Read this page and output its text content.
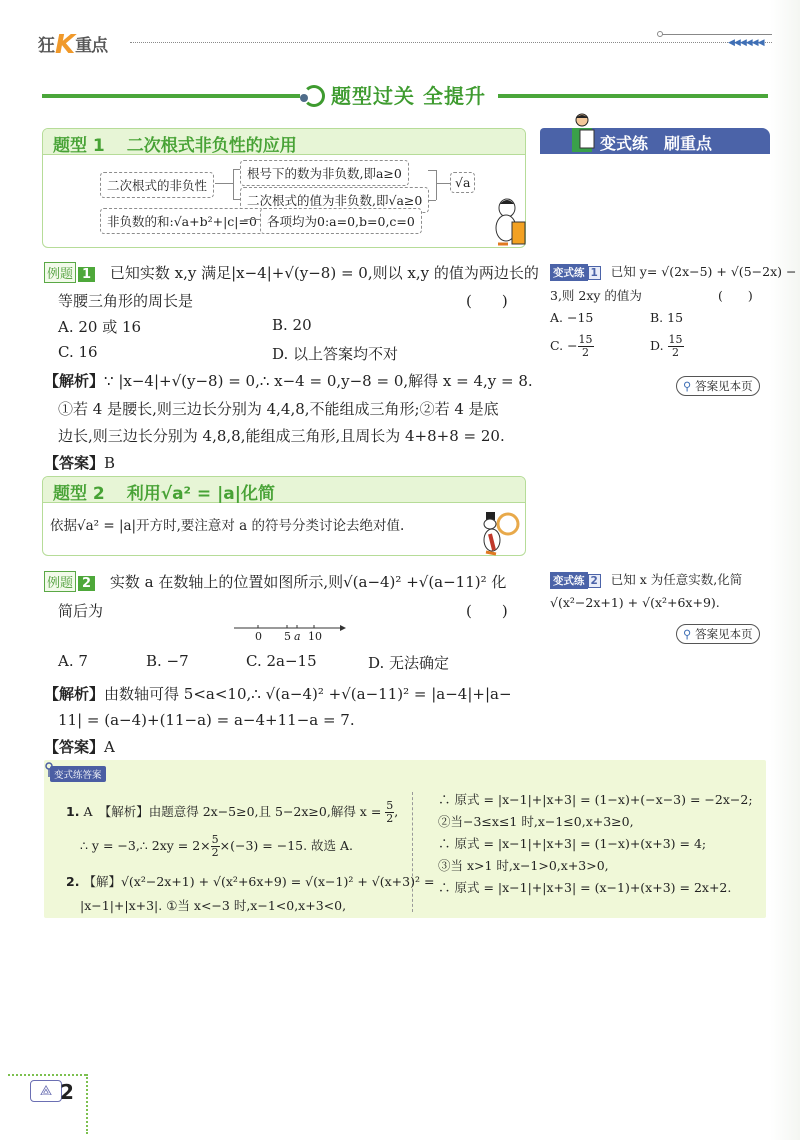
狂K重点	◀◀◀◀◀◀
题型过关 全提升
题型 1 二次根式非负性的应用
二次根式的非负性
根号下的数为非负数,即a≥0
二次根式的值为非负数,即√a≥0
√a
非负数的和:√a+b²+|c|=0 各项均为0:a=0,b=0,c=0
例题 1 已知实数 x,y 满足|x−4|+√(y−8) = 0,则以 x,y 的值为两边长的
等腰三角形的周长是	(　　)
A. 20 或 16	B. 20
C. 16	D. 以上答案均不对
【解析】∵ |x−4|+√(y−8) = 0,∴ x−4 = 0,y−8 = 0,解得 x = 4,y = 8.
①若 4 是腰长,则三边长分别为 4,4,8,不能组成三角形;②若 4 是底
边长,则三边长分别为 4,8,8,能组成三角形,且周长为 4+8+8 = 20.
【答案】B
题型 2 利用√a² = |a|化简
依据√a² = |a|开方时,要注意对 a 的符号分类讨论去绝对值.
例题 2 实数 a 在数轴上的位置如图所示,则√(a−4)² +√(a−11)² 化
简后为	(　　)
0 5 a 10
A. 7	B. −7	C. 2a−15	D. 无法确定
【解析】由数轴可得 5<a<10,∴ √(a−4)² +√(a−11)² = |a−4|+|a−
11| = (a−4)+(11−a) = a−4+11−a = 7.
【答案】A
变式练　刷重点
变式练 1 已知 y= √(2x−5) + √(5−2x) −
3,则 2xy 的值为	(　　)
A. −15	B. 15
C. − $\frac{15}{2}$	D. $\frac{15}{2}$
⚲ 答案见本页
变式练 2 已知 x 为任意实数,化简
√(x²−2x+1) + √(x²+6x+9).
⚲ 答案见本页
变式练答案
1. A　【解析】由题意得 2x−5≥0,且 5−2x≥0,解得 $x = \frac{5}{2}$ ,
∴ y = −3,∴ $2xy = 2\times \frac{5}{2} \times(-3) = -15$. 故选 A.
2. 【解】√(x²−2x+1) + √(x²+6x+9) = √(x−1)² + √(x+3)² =
|x−1|+|x+3|. ①当 x<−3 时,x−1<0,x+3<0,
∴ 原式 = |x−1|+|x+3| = (1−x)+(−x−3) = −2x−2;
②当−3≤x≤1 时,x−1≤0,x+3≥0,
∴ 原式 = |x−1|+|x+3| = (1−x)+(x+3) = 4;
③当 x>1 时,x−1>0,x+3>0,
∴ 原式 = |x−1|+|x+3| = (x−1)+(x+3) = 2x+2.
⟁ 2
